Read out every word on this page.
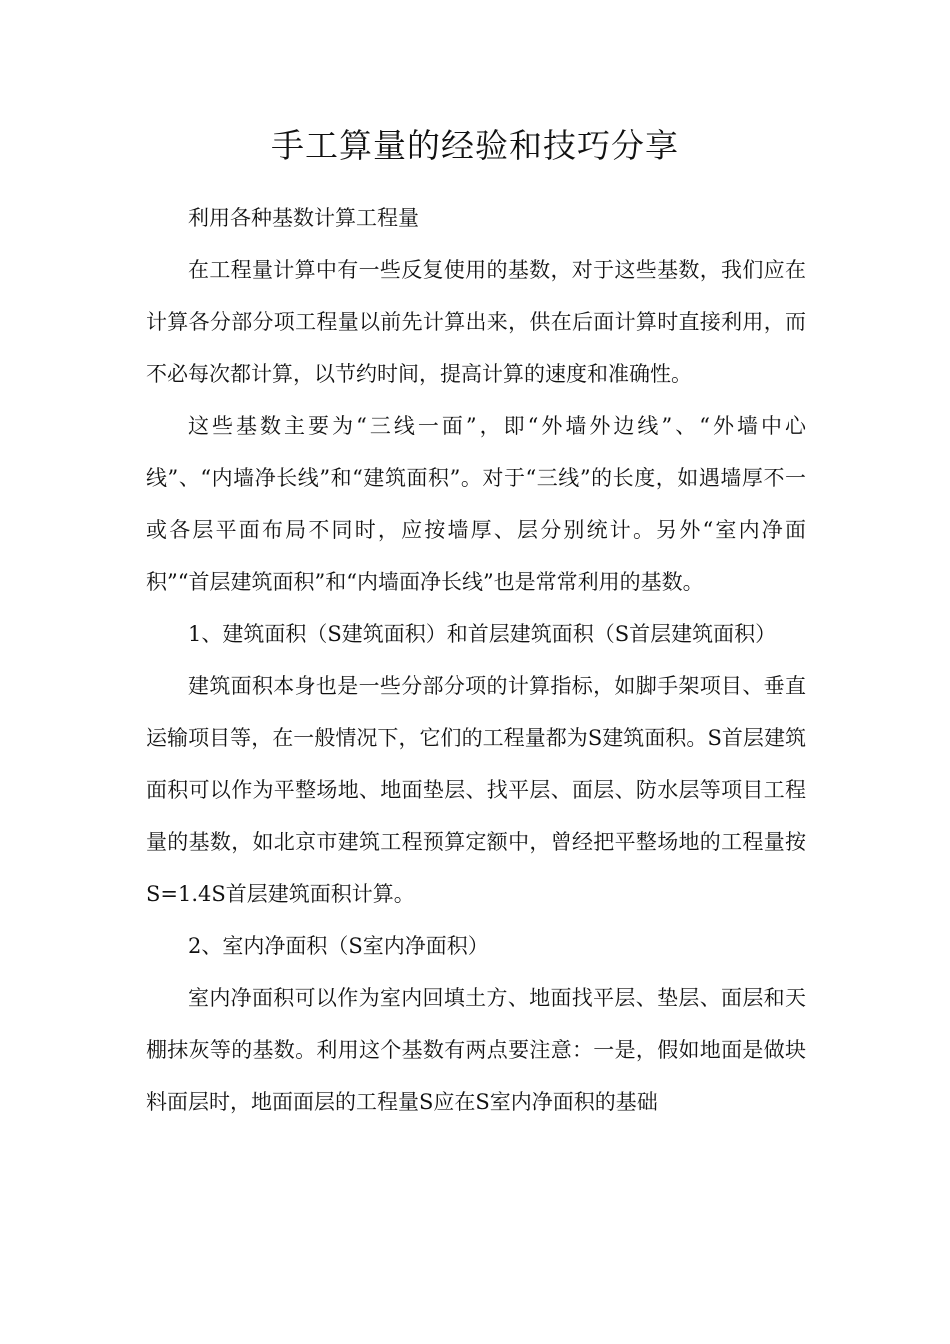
手工算量的经验和技巧分享

利用各种基数计算工程量

在工程量计算中有一些反复使用的基数，对于这些基数，我们应在计算各分部分项工程量以前先计算出来，供在后面计算时直接利用，而不必每次都计算，以节约时间，提高计算的速度和准确性。

这些基数主要为“三线一面”，即“外墙外边线”、“外墙中心线”、“内墙净长线”和“建筑面积”。对于“三线”的长度，如遇墙厚不一或各层平面布局不同时，应按墙厚、层分别统计。另外“室内净面积”“首层建筑面积”和“内墙面净长线”也是常常利用的基数。

1、建筑面积（S建筑面积）和首层建筑面积（S首层建筑面积）

建筑面积本身也是一些分部分项的计算指标，如脚手架项目、垂直运输项目等，在一般情况下，它们的工程量都为S建筑面积。S首层建筑面积可以作为平整场地、地面垫层、找平层、面层、防水层等项目工程量的基数，如北京市建筑工程预算定额中，曾经把平整场地的工程量按S=1.4S首层建筑面积计算。

2、室内净面积（S室内净面积）

室内净面积可以作为室内回填土方、地面找平层、垫层、面层和天棚抹灰等的基数。利用这个基数有两点要注意：一是，假如地面是做块料面层时，地面面层的工程量S应在S室内净面积的基础
